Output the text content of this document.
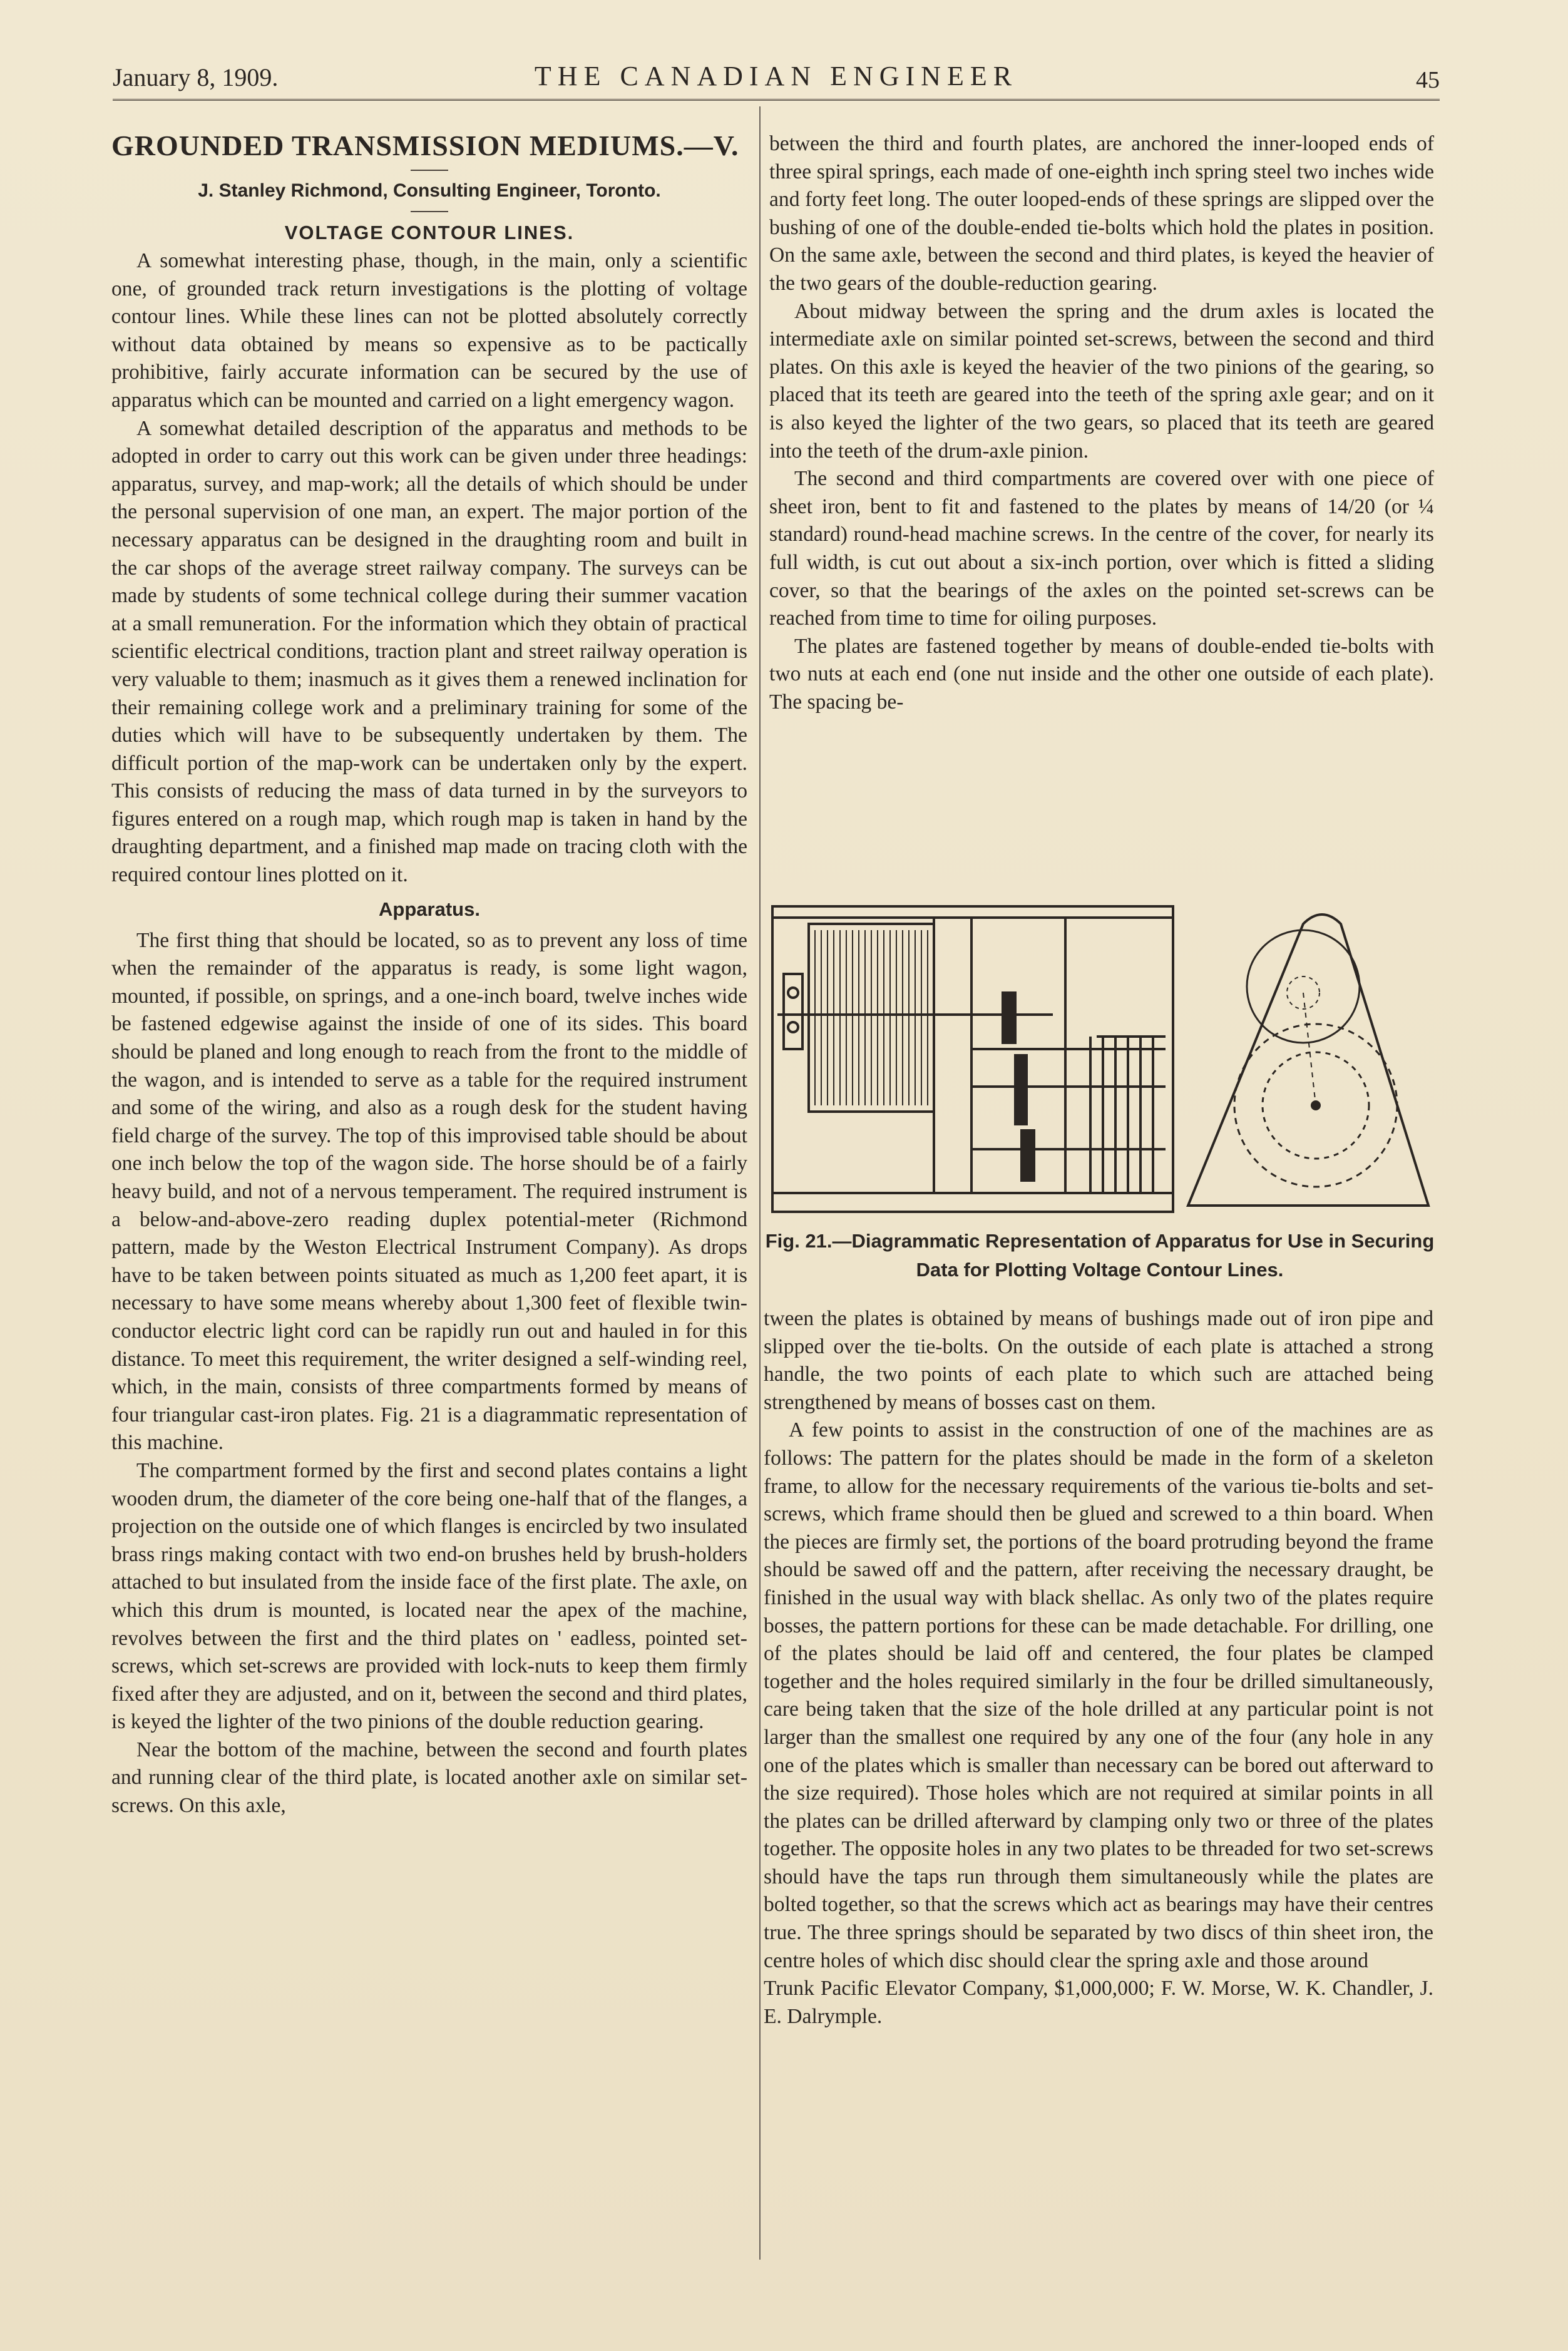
January 8, 1909.	THE CANADIAN ENGINEER	45
GROUNDED TRANSMISSION MEDIUMS.—V.
J. Stanley Richmond, Consulting Engineer, Toronto.
VOLTAGE CONTOUR LINES.

A somewhat interesting phase, though, in the main, only a scientific one, of grounded track return investigations is the plotting of voltage contour lines. While these lines can not be plotted absolutely correctly without data obtained by means so expensive as to be pactically prohibitive, fairly accurate information can be secured by the use of apparatus which can be mounted and carried on a light emergency wagon.

A somewhat detailed description of the apparatus and methods to be adopted in order to carry out this work can be given under three headings: apparatus, survey, and map-work; all the details of which should be under the personal supervision of one man, an expert. The major portion of the necessary apparatus can be designed in the draughting room and built in the car shops of the average street railway company. The surveys can be made by students of some technical college during their summer vacation at a small remuneration. For the information which they obtain of practical scientific electrical conditions, traction plant and street railway operation is very valuable to them; inasmuch as it gives them a renewed inclination for their remaining college work and a preliminary training for some of the duties which will have to be subsequently undertaken by them. The difficult portion of the map-work can be undertaken only by the expert. This consists of reducing the mass of data turned in by the surveyors to figures entered on a rough map, which rough map is taken in hand by the draughting department, and a finished map made on tracing cloth with the required contour lines plotted on it.

Apparatus.

The first thing that should be located, so as to prevent any loss of time when the remainder of the apparatus is ready, is some light wagon, mounted, if possible, on springs, and a one-inch board, twelve inches wide be fastened edgewise against the inside of one of its sides. This board should be planed and long enough to reach from the front to the middle of the wagon, and is intended to serve as a table for the required instrument and some of the wiring, and also as a rough desk for the student having field charge of the survey. The top of this improvised table should be about one inch below the top of the wagon side. The horse should be of a fairly heavy build, and not of a nervous temperament. The required instrument is a below-and-above-zero reading duplex potential-meter (Richmond pattern, made by the Weston Electrical Instrument Company). As drops have to be taken between points situated as much as 1,200 feet apart, it is necessary to have some means whereby about 1,300 feet of flexible twin-conductor electric light cord can be rapidly run out and hauled in for this distance. To meet this requirement, the writer designed a self-winding reel, which, in the main, consists of three compartments formed by means of four triangular cast-iron plates. Fig. 21 is a diagrammatic representation of this machine.

The compartment formed by the first and second plates contains a light wooden drum, the diameter of the core being one-half that of the flanges, a projection on the outside one of which flanges is encircled by two insulated brass rings making contact with two end-on brushes held by brush-holders attached to but insulated from the inside face of the first plate. The axle, on which this drum is mounted, is located near the apex of the machine, revolves between the first and the third plates on ' eadless, pointed set-screws, which set-screws are provided with lock-nuts to keep them firmly fixed after they are adjusted, and on it, between the second and third plates, is keyed the lighter of the two pinions of the double reduction gearing.

Near the bottom of the machine, between the second and fourth plates and running clear of the third plate, is located another axle on similar set-screws. On this axle,

between the third and fourth plates, are anchored the inner-looped ends of three spiral springs, each made of one-eighth inch spring steel two inches wide and forty feet long. The outer looped-ends of these springs are slipped over the bushing of one of the double-ended tie-bolts which hold the plates in position. On the same axle, between the second and third plates, is keyed the heavier of the two gears of the double-reduction gearing.

About midway between the spring and the drum axles is located the intermediate axle on similar pointed set-screws, between the second and third plates. On this axle is keyed the heavier of the two pinions of the gearing, so placed that its teeth are geared into the teeth of the spring axle gear; and on it is also keyed the lighter of the two gears, so placed that its teeth are geared into the teeth of the drum-axle pinion.

The second and third compartments are covered over with one piece of sheet iron, bent to fit and fastened to the plates by means of 14/20 (or ¼ standard) round-head machine screws. In the centre of the cover, for nearly its full width, is cut out about a six-inch portion, over which is fitted a sliding cover, so that the bearings of the axles on the pointed set-screws can be reached from time to time for oiling purposes.

The plates are fastened together by means of double-ended tie-bolts with two nuts at each end (one nut inside and the other one outside of each plate). The spacing be-

Fig. 21.—Diagrammatic Representation of Apparatus for Use in Securing Data for Plotting Voltage Contour Lines.

tween the plates is obtained by means of bushings made out of iron pipe and slipped over the tie-bolts. On the outside of each plate is attached a strong handle, the two points of each plate to which such are attached being strengthened by means of bosses cast on them.

A few points to assist in the construction of one of the machines are as follows: The pattern for the plates should be made in the form of a skeleton frame, to allow for the necessary requirements of the various tie-bolts and set-screws, which frame should then be glued and screwed to a thin board. When the pieces are firmly set, the portions of the board protruding beyond the frame should be sawed off and the pattern, after receiving the necessary draught, be finished in the usual way with black shellac. As only two of the plates require bosses, the pattern portions for these can be made detachable. For drilling, one of the plates should be laid off and centered, the four plates be clamped together and the holes required similarly in the four be drilled simultaneously, care being taken that the size of the hole drilled at any particular point is not larger than the smallest one required by any one of the four (any hole in any one of the plates which is smaller than necessary can be bored out afterward to the size required). Those holes which are not required at similar points in all the plates can be drilled afterward by clamping only two or three of the plates together. The opposite holes in any two plates to be threaded for two set-screws should have the taps run through them simultaneously while the plates are bolted together, so that the screws which act as bearings may have their centres true. The three springs should be separated by two discs of thin sheet iron, the centre holes of which disc should clear the spring axle and those around

Trunk Pacific Elevator Company, $1,000,000; F. W. Morse, W. K. Chandler, J. E. Dalrymple.
